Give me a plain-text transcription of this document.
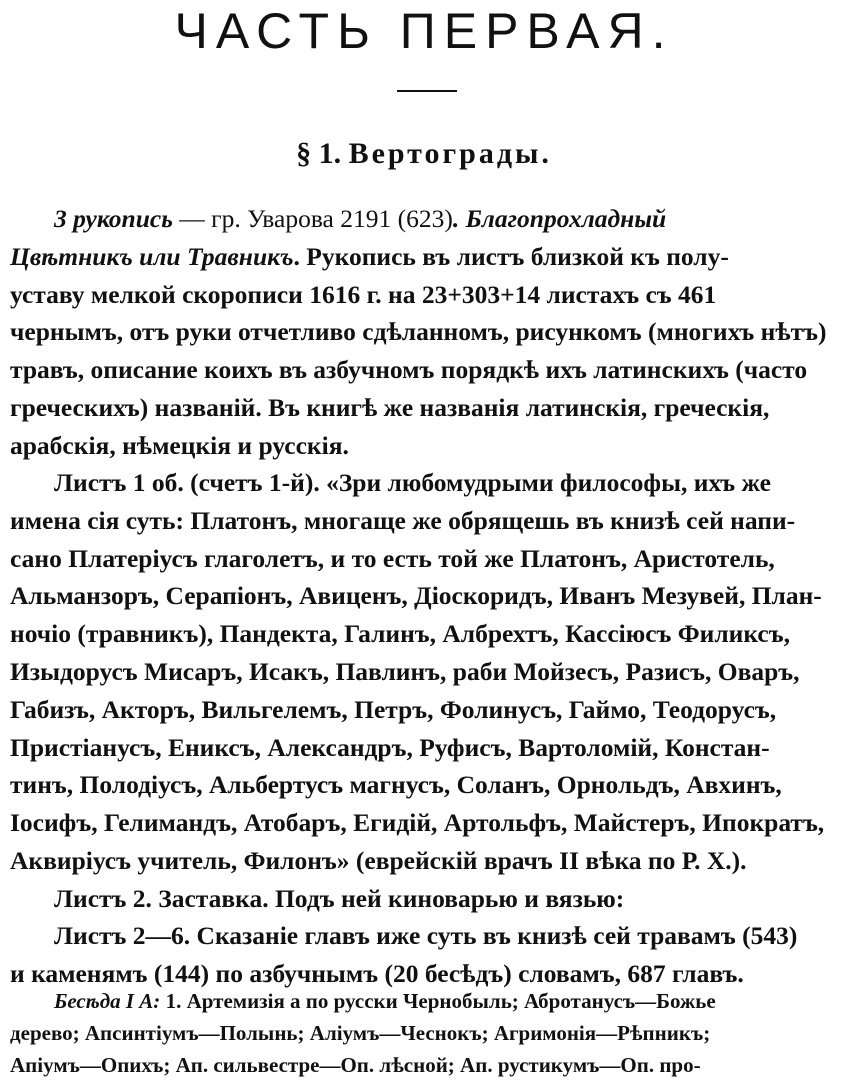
ЧАСТЬ ПЕРВАЯ.
§ 1. Вертограды.
3 рукопись — гр. Уварова 2191 (623). Благопрохладный
Цвѣтникъ или Травникъ. Рукопись въ листъ близкой къ полу-
уставу мелкой скорописи 1616 г. на 23+303+14 листахъ съ 461
чернымъ, отъ руки отчетливо сдѣланномъ, рисункомъ (многихъ нѣтъ)
травъ, описание коихъ въ азбучномъ порядкѣ ихъ латинскихъ (часто
греческихъ) названiй. Въ книгѣ же названiя латинскiя, греческiя,
арабскiя, нѣмецкiя и русскiя.
Листъ 1 об. (счетъ 1-й). «Зри любомудрыми философы, ихъ же
имена сiя суть: Платонъ, многаще же обрящешь въ книзѣ сей напи-
сано Платерiусъ глаголетъ, и то есть той же Платонъ, Аристотель,
Альманзоръ, Серапiонъ, Авиценъ, Дiоскоридъ, Иванъ Мезувей, План-
ночiо (травникъ), Пандекта, Галинъ, Албрехтъ, Кассiюсъ Филиксъ,
Изыдорусъ Мисаръ, Исакъ, Павлинъ, раби Мойзесъ, Разисъ, Оваръ,
Габизъ, Акторъ, Вильгелемъ, Петръ, Фолинусъ, Гаймо, Теодорусъ,
Пристiанусъ, Ениксъ, Александръ, Руфисъ, Вартоломiй, Констан-
тинъ, Полодiусъ, Альбертусъ магнусъ, Соланъ, Орнольдъ, Авхинъ,
Iосифъ, Гелимандъ, Атобаръ, Егидiй, Артольфъ, Майстеръ, Ипократъ,
Аквирiусъ учитель, Филонъ» (еврейскiй врачъ II вѣка по Р. Х.).
Листъ 2. Заставка. Подъ ней киноварью и вязью:
Листъ 2—6. Сказанiе главъ иже суть въ книзѣ сей травамъ (543)
и каменямъ (144) по азбучнымъ (20 бесѣдъ) словамъ, 687 главъ.
Бесѣда I А: 1. Артемизiя а по русски Чернобыль; Абротанусъ—Божье
дерево; Апсинтiумъ—Полынь; Алiумъ—Чеснокъ; Агримонiя—Рѣпникъ;
Апiумъ—Опихъ; Ап. сильвестре—Оп. лѣсной; Ап. рустикумъ—Оп. про-
